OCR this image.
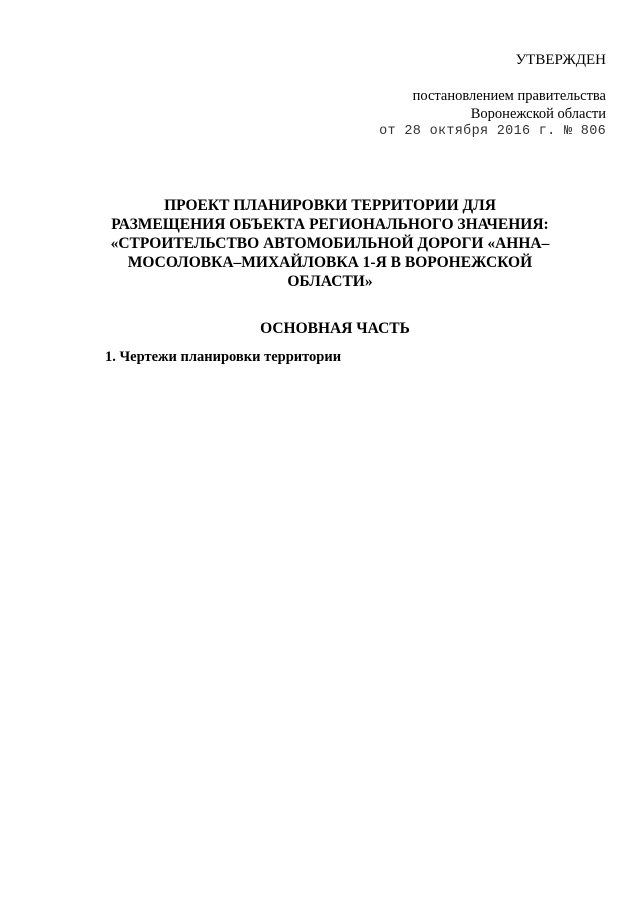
УТВЕРЖДЕН
постановлением правительства
Воронежской области
от 28 октября 2016 г. № 806
ПРОЕКТ ПЛАНИРОВКИ ТЕРРИТОРИИ ДЛЯ
РАЗМЕЩЕНИЯ ОБЪЕКТА РЕГИОНАЛЬНОГО ЗНАЧЕНИЯ:
«СТРОИТЕЛЬСТВО АВТОМОБИЛЬНОЙ ДОРОГИ «АННА–
МОСОЛОВКА–МИХАЙЛОВКА 1-Я В ВОРОНЕЖСКОЙ
ОБЛАСТИ»
ОСНОВНАЯ ЧАСТЬ
1. Чертежи планировки территории
